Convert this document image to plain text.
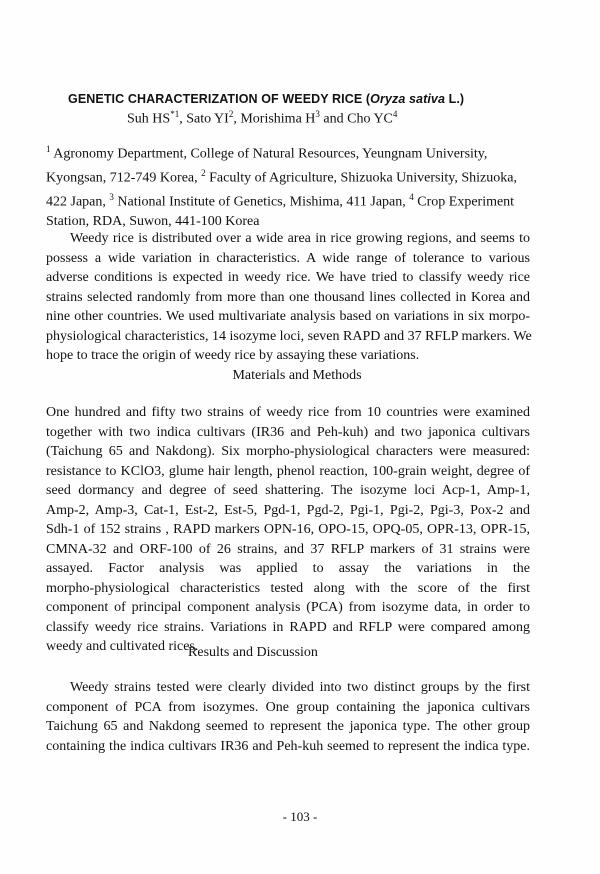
GENETIC CHARACTERIZATION OF WEEDY RICE (Oryza sativa L.)
Suh HS$^{*1}$, Sato $YI^2$, Morishima $H^3$ and Cho $YC^4$
$^1$ Agronomy Department, College of Natural Resources, Yeungnam University,
Kyongsan, 712-749 Korea, $^2$ Faculty of Agriculture, Shizuoka University, Shizuoka,
422 Japan, $^3$ National Institute of Genetics, Mishima, 411 Japan, $^4$ Crop Experiment
Station, RDA, Suwon, 441-100 Korea
Weedy rice is distributed over a wide area in rice growing regions, and seems to
possess a wide variation in characteristics. A wide range of tolerance to various
adverse conditions is expected in weedy rice. We have tried to classify weedy rice
strains selected randomly from more than one thousand lines collected in Korea and
nine other countries. We used multivariate analysis based on variations in six morpo-
physiological characteristics, 14 isozyme loci, seven RAPD and 37 RFLP markers. We
hope to trace the origin of weedy rice by assaying these variations.
Materials and Methods
One hundred and fifty two strains of weedy rice from 10 countries were examined
together with two indica cultivars (IR36 and Peh-kuh) and two japonica cultivars
(Taichung 65 and Nakdong). Six morpho-physiological characters were measured:
resistance to KClO3, glume hair length, phenol reaction, 100-grain weight, degree of
seed dormancy and degree of seed shattering. The isozyme loci Acp-1, Amp-1,
Amp-2, Amp-3, Cat-1, Est-2, Est-5, Pgd-1, Pgd-2, Pgi-1, Pgi-2, Pgi-3, Pox-2 and
Sdh-1 of 152 strains , RAPD markers OPN-16, OPO-15, OPQ-05, OPR-13, OPR-15,
CMNA-32 and ORF-100 of 26 strains, and 37 RFLP markers of 31 strains were
assayed. Factor analysis was applied to assay the variations in the
morpho-physiological characteristics tested along with the score of the first
component of principal component analysis (PCA) from isozyme data, in order to
classify weedy rice strains. Variations in RAPD and RFLP were compared among
weedy and cultivated rices.
Results and Discussion
Weedy strains tested were clearly divided into two distinct groups by the first
component of PCA from isozymes. One group containing the japonica cultivars
Taichung 65 and Nakdong seemed to represent the japonica type. The other group
containing the indica cultivars IR36 and Peh-kuh seemed to represent the indica type.
- 103 -
